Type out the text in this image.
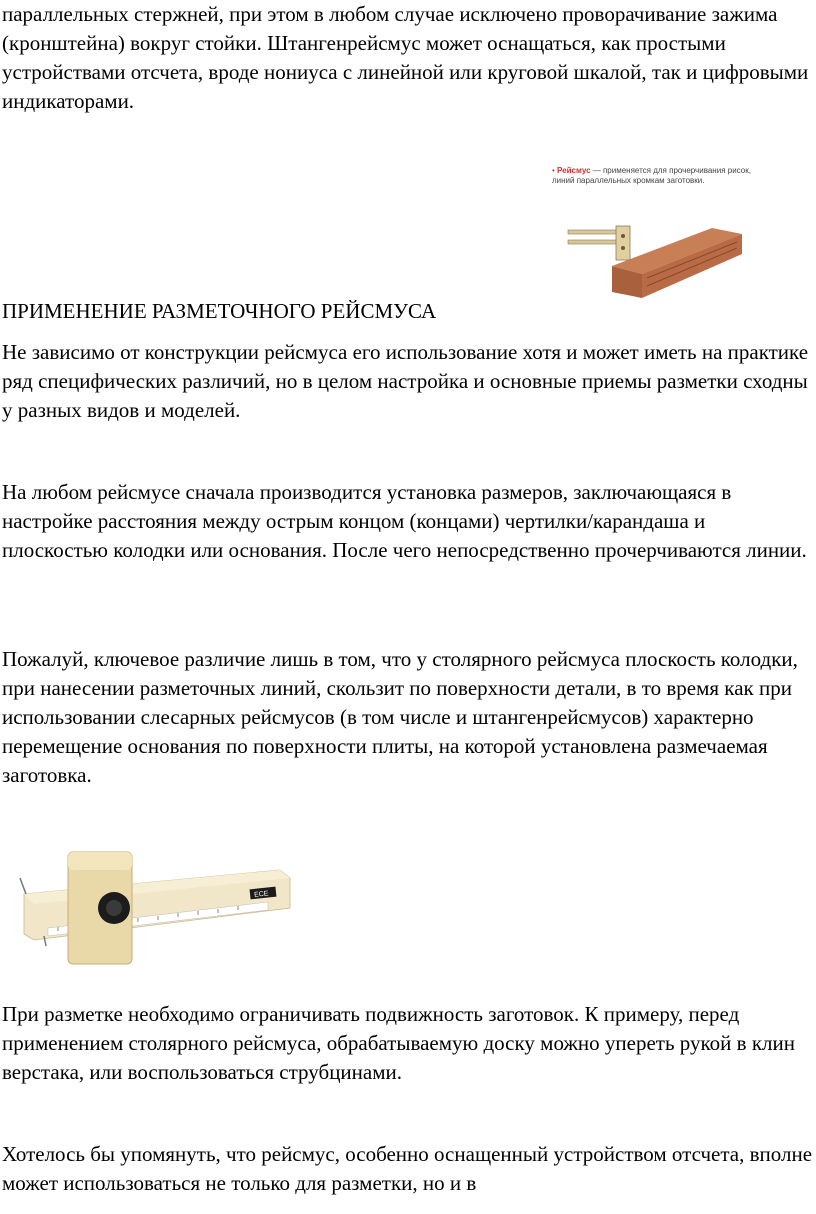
параллельных стержней, при этом в любом случае исключено проворачивание зажима (кронштейна) вокруг стойки. Штангенрейсмус может оснащаться, как простыми устройствами отсчета, вроде нониуса с линейной или круговой шкалой, так и цифровыми индикаторами.

• Рейсмус — применяется для прочерчивания рисок, линий параллельных кромкам заготовки.

ПРИМЕНЕНИЕ РАЗМЕТОЧНОГО РЕЙСМУСА

Не зависимо от конструкции рейсмуса его использование хотя и может иметь на практике ряд специфических различий, но в целом настройка и основные приемы разметки сходны у разных видов и моделей.

На любом рейсмусе сначала производится установка размеров, заключающаяся в настройке расстояния между острым концом (концами) чертилки/карандаша и плоскостью колодки или основания. После чего непосредственно прочерчиваются линии.

Пожалуй, ключевое различие лишь в том, что у столярного рейсмуса плоскость колодки, при нанесении разметочных линий, скользит по поверхности детали, в то время как при использовании слесарных рейсмусов (в том числе и штангенрейсмусов) характерно перемещение основания по поверхности плиты, на которой установлена размечаемая заготовка.

ECE

При разметке необходимо ограничивать подвижность заготовок. К примеру, перед применением столярного рейсмуса, обрабатываемую доску можно упереть рукой в клин верстака, или воспользоваться струбцинами.

Хотелось бы упомянуть, что рейсмус, особенно оснащенный устройством отсчета, вполне может использоваться не только для разметки, но и в
